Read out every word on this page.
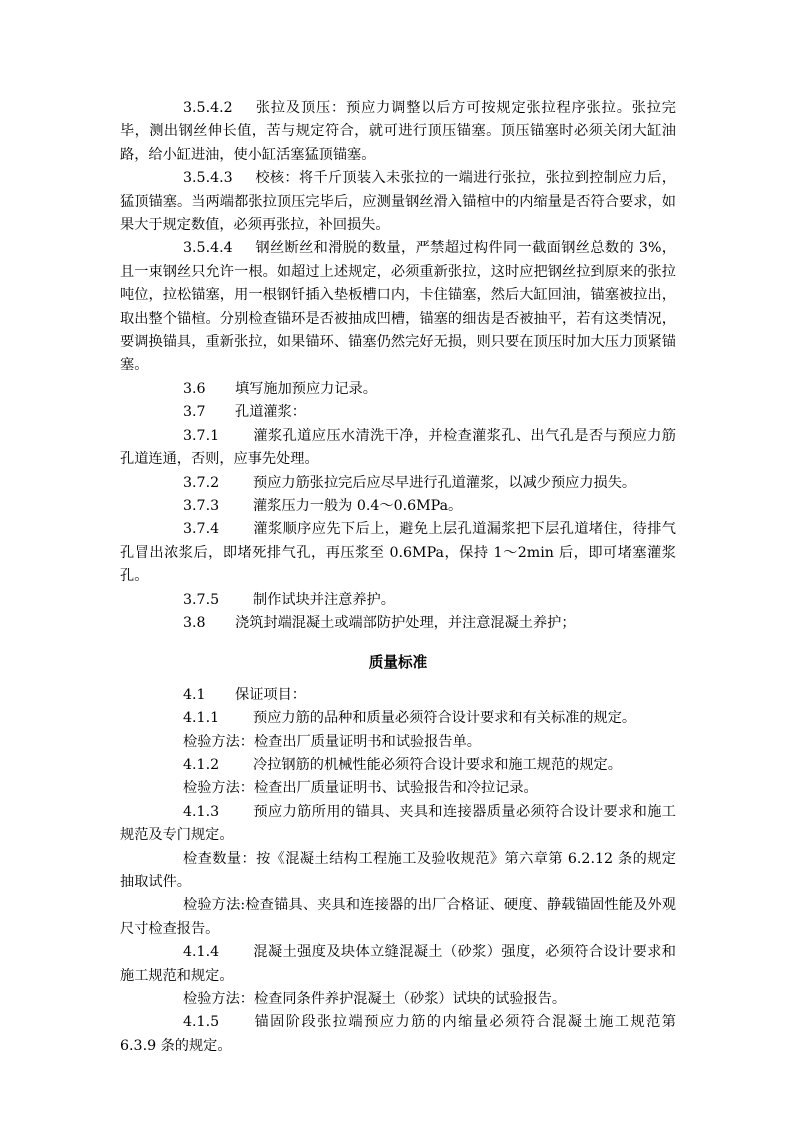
3.5.4.2 张拉及顶压：预应力调整以后方可按规定张拉程序张拉。张拉完毕，测出钢丝伸长值，苦与规定符合，就可进行顶压锚塞。顶压锚塞时必须关闭大缸油路，给小缸进油，使小缸活塞猛顶锚塞。

3.5.4.3 校核：将千斤顶装入未张拉的一端进行张拉，张拉到控制应力后，猛顶锚塞。当两端都张拉顶压完毕后，应测量钢丝滑入锚楦中的内缩量是否符合要求，如果大于规定数值，必须再张拉，补回损失。

3.5.4.4 钢丝断丝和滑脱的数量，严禁超过构件同一截面钢丝总数的 3%，且一束钢丝只允许一根。如超过上述规定，必须重新张拉，这时应把钢丝拉到原来的张拉吨位，拉松锚塞，用一根钢钎插入垫板槽口内，卡住锚塞，然后大缸回油，锚塞被拉出，取出整个锚楦。分别检查锚环是否被抽成凹槽，锚塞的细齿是否被抽平，若有这类情况，要调换锚具，重新张拉，如果锚环、锚塞仍然完好无损，则只要在顶压时加大压力顶紧锚塞。

3.6 填写施加预应力记录。

3.7 孔道灌浆：

3.7.1 灌浆孔道应压水清洗干净，并检查灌浆孔、出气孔是否与预应力筋孔道连通，否则，应事先处理。

3.7.2 预应力筋张拉完后应尽早进行孔道灌浆，以减少预应力损失。

3.7.3 灌浆压力一般为 0.4～0.6MPa。

3.7.4 灌浆顺序应先下后上，避免上层孔道漏浆把下层孔道堵住，待排气孔冒出浓浆后，即堵死排气孔，再压浆至 0.6MPa，保持 1～2min 后，即可堵塞灌浆孔。

3.7.5 制作试块并注意养护。

3.8 浇筑封端混凝土或端部防护处理，并注意混凝土养护；

质量标准

4.1 保证项目：

4.1.1 预应力筋的品种和质量必须符合设计要求和有关标准的规定。

检验方法：检查出厂质量证明书和试验报告单。

4.1.2 冷拉钢筋的机械性能必须符合设计要求和施工规范的规定。

检验方法：检查出厂质量证明书、试验报告和冷拉记录。

4.1.3 预应力筋所用的锚具、夹具和连接器质量必须符合设计要求和施工规范及专门规定。

检查数量：按《混凝土结构工程施工及验收规范》第六章第 6.2.12 条的规定抽取试件。

检验方法:检查锚具、夹具和连接器的出厂合格证、硬度、静载锚固性能及外观尺寸检查报告。

4.1.4 混凝土强度及块体立缝混凝土（砂浆）强度，必须符合设计要求和施工规范和规定。

检验方法：检查同条件养护混凝土（砂浆）试块的试验报告。

4.1.5 锚固阶段张拉端预应力筋的内缩量必须符合混凝土施工规范第 6.3.9 条的规定。
